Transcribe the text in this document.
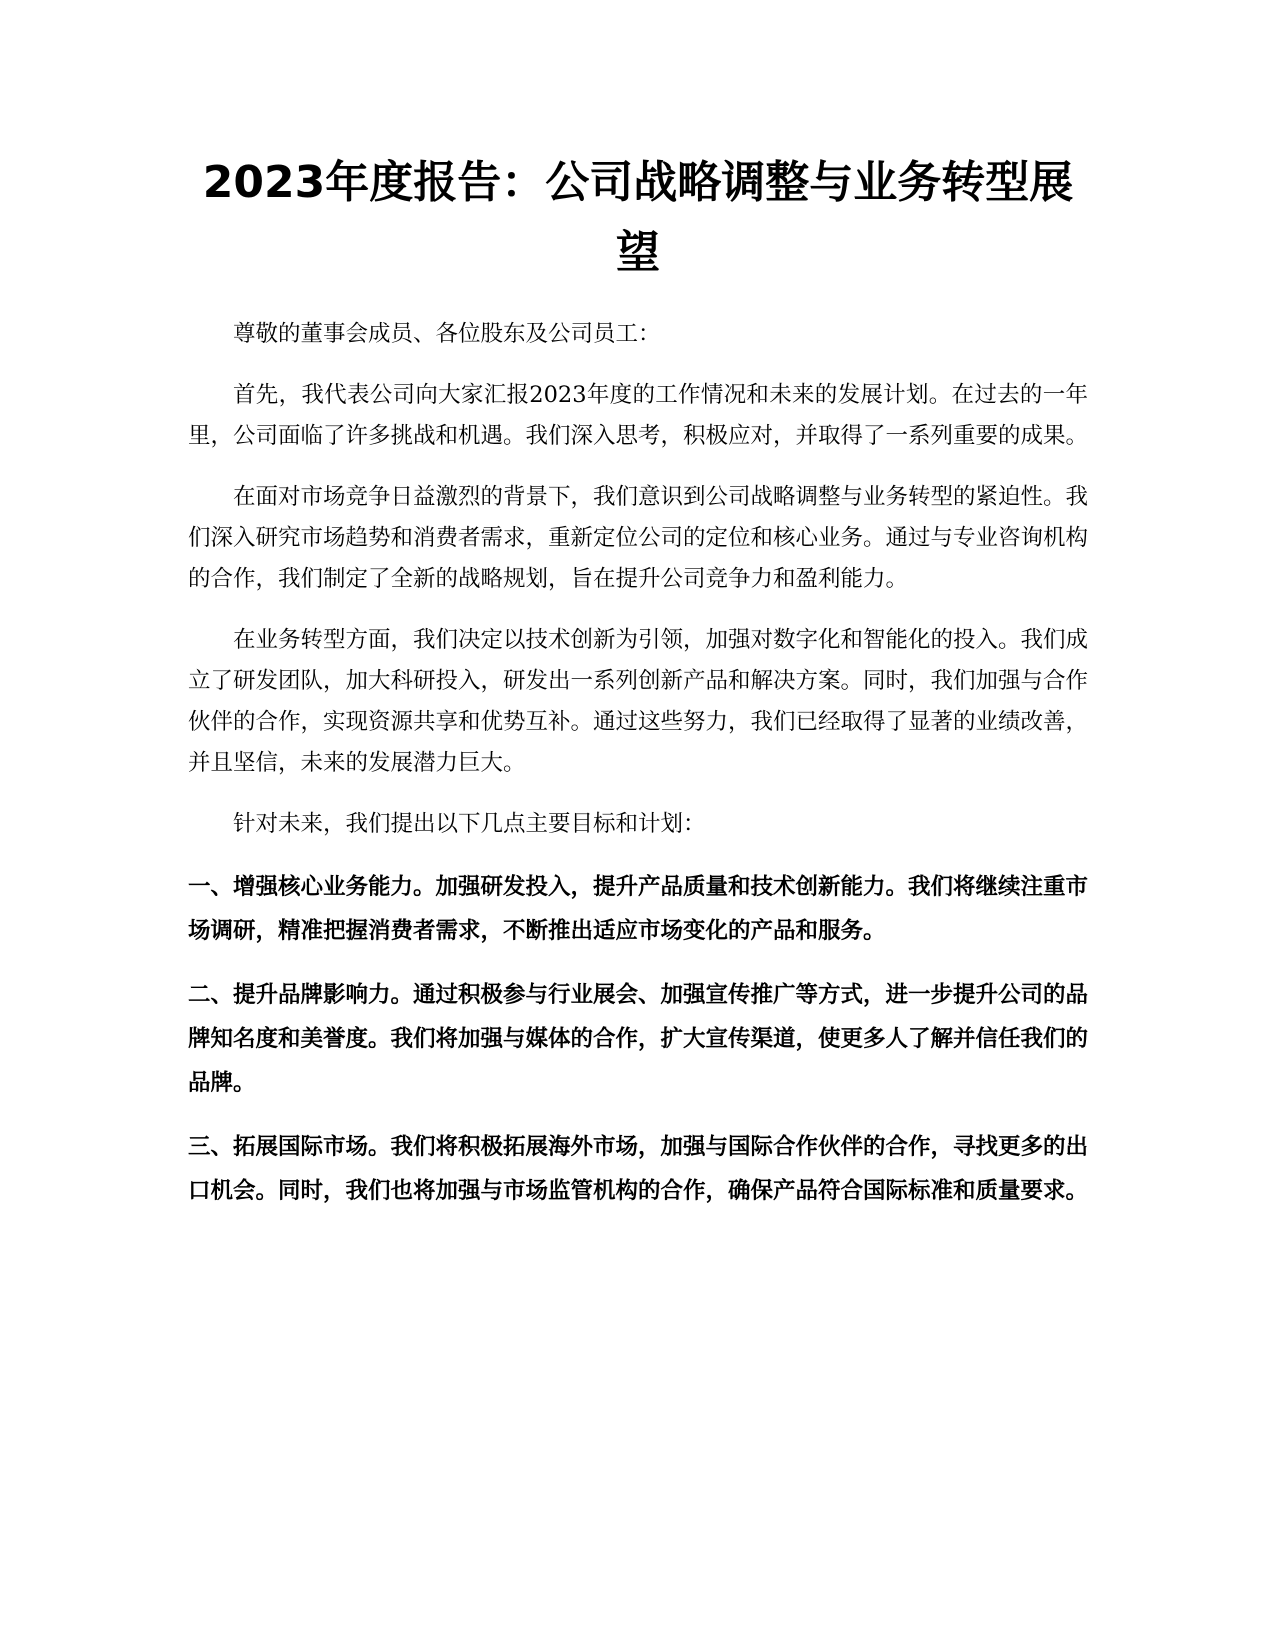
2023年度报告：公司战略调整与业务转型展望

尊敬的董事会成员、各位股东及公司员工：

首先，我代表公司向大家汇报2023年度的工作情况和未来的发展计划。在过去的一年里，公司面临了许多挑战和机遇。我们深入思考，积极应对，并取得了一系列重要的成果。

在面对市场竞争日益激烈的背景下，我们意识到公司战略调整与业务转型的紧迫性。我们深入研究市场趋势和消费者需求，重新定位公司的定位和核心业务。通过与专业咨询机构的合作，我们制定了全新的战略规划，旨在提升公司竞争力和盈利能力。

在业务转型方面，我们决定以技术创新为引领，加强对数字化和智能化的投入。我们成立了研发团队，加大科研投入，研发出一系列创新产品和解决方案。同时，我们加强与合作伙伴的合作，实现资源共享和优势互补。通过这些努力，我们已经取得了显著的业绩改善，并且坚信，未来的发展潜力巨大。

针对未来，我们提出以下几点主要目标和计划：

一、增强核心业务能力。加强研发投入，提升产品质量和技术创新能力。我们将继续注重市场调研，精准把握消费者需求，不断推出适应市场变化的产品和服务。

二、提升品牌影响力。通过积极参与行业展会、加强宣传推广等方式，进一步提升公司的品牌知名度和美誉度。我们将加强与媒体的合作，扩大宣传渠道，使更多人了解并信任我们的品牌。

三、拓展国际市场。我们将积极拓展海外市场，加强与国际合作伙伴的合作，寻找更多的出口机会。同时，我们也将加强与市场监管机构的合作，确保产品符合国际标准和质量要求。
